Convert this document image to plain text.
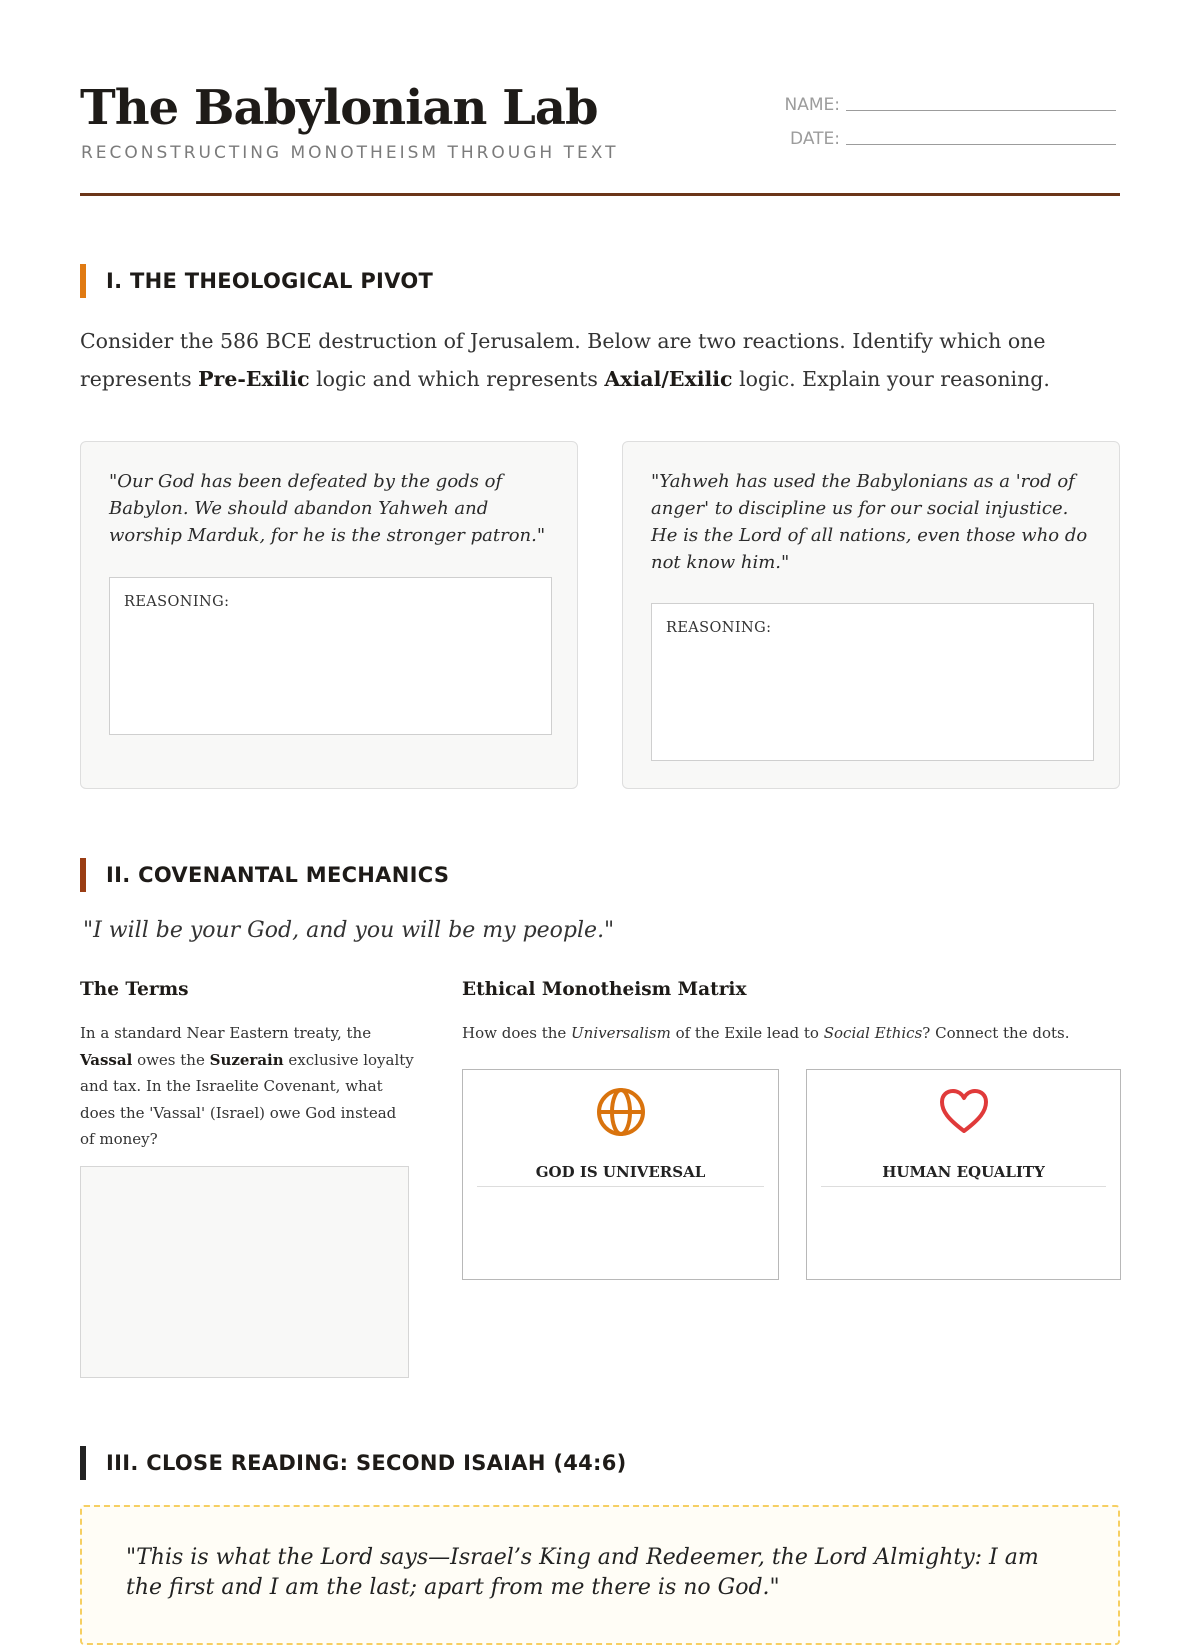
The Babylonian Lab
RECONSTRUCTING MONOTHEISM THROUGH TEXT
NAME:
DATE:
I. THE THEOLOGICAL PIVOT
Consider the 586 BCE destruction of Jerusalem. Below are two reactions. Identify which one represents Pre-Exilic logic and which represents Axial/Exilic logic. Explain your reasoning.
"Our God has been defeated by the gods of Babylon. We should abandon Yahweh and worship Marduk, for he is the stronger patron."
REASONING:
"Yahweh has used the Babylonians as a 'rod of anger' to discipline us for our social injustice. He is the Lord of all nations, even those who do not know him."
REASONING:
II. COVENANTAL MECHANICS
"I will be your God, and you will be my people."
The Terms
In a standard Near Eastern treaty, the Vassal owes the Suzerain exclusive loyalty and tax. In the Israelite Covenant, what does the 'Vassal' (Israel) owe God instead of money?
Ethical Monotheism Matrix
How does the Universalism of the Exile lead to Social Ethics? Connect the dots.
GOD IS UNIVERSAL	HUMAN EQUALITY
III. CLOSE READING: SECOND ISAIAH (44:6)
"This is what the Lord says—Israel’s King and Redeemer, the Lord Almighty: I am the first and I am the last; apart from me there is no God."
